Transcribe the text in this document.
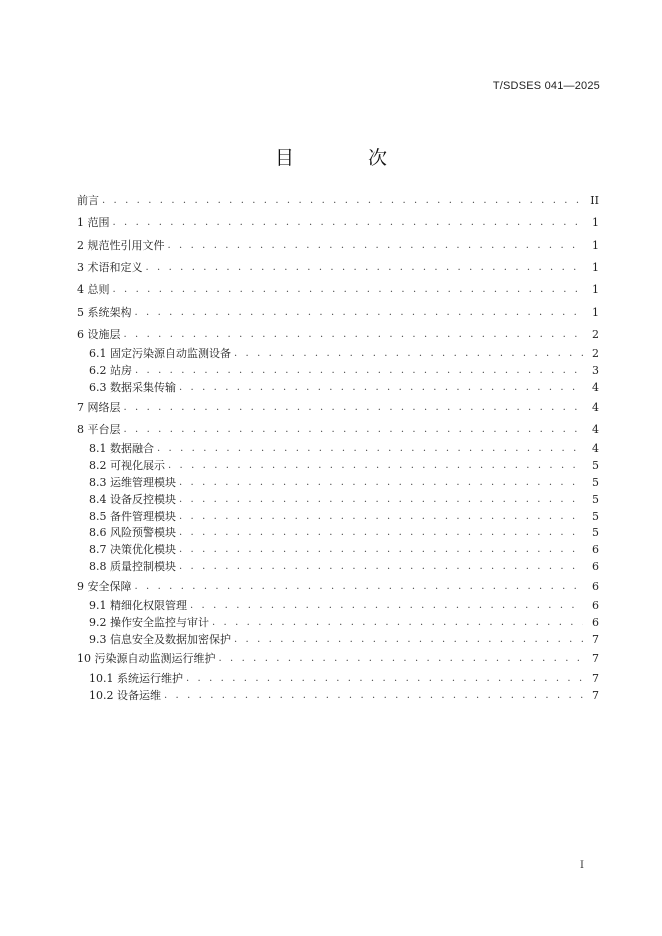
T/SDSES 041—2025
目 次
前言 . . .	II
1 范围 . . .	1
2 规范性引用文件 . . .	1
3 术语和定义 . . .	1
4 总则 . . .	1
5 系统架构 . . .	1
6 设施层 . . .	2
6.1 固定污染源自动监测设备 . . .	2
6.2 站房 . . .	3
6.3 数据采集传输 . . .	4
7 网络层 . . .	4
8 平台层 . . .	4
8.1 数据融合 . . .	4
8.2 可视化展示 . . .	5
8.3 运维管理模块 . . .	5
8.4 设备反控模块 . . .	5
8.5 备件管理模块 . . .	5
8.6 风险预警模块 . . .	5
8.7 决策优化模块 . . .	6
8.8 质量控制模块 . . .	6
9 安全保障 . . .	6
9.1 精细化权限管理 . . .	6
9.2 操作安全监控与审计 . . .	6
9.3 信息安全及数据加密保护 . . .	7
10 污染源自动监测运行维护 . . .	7
10.1 系统运行维护 . . .	7
10.2 设备运维 . . .	7
I
